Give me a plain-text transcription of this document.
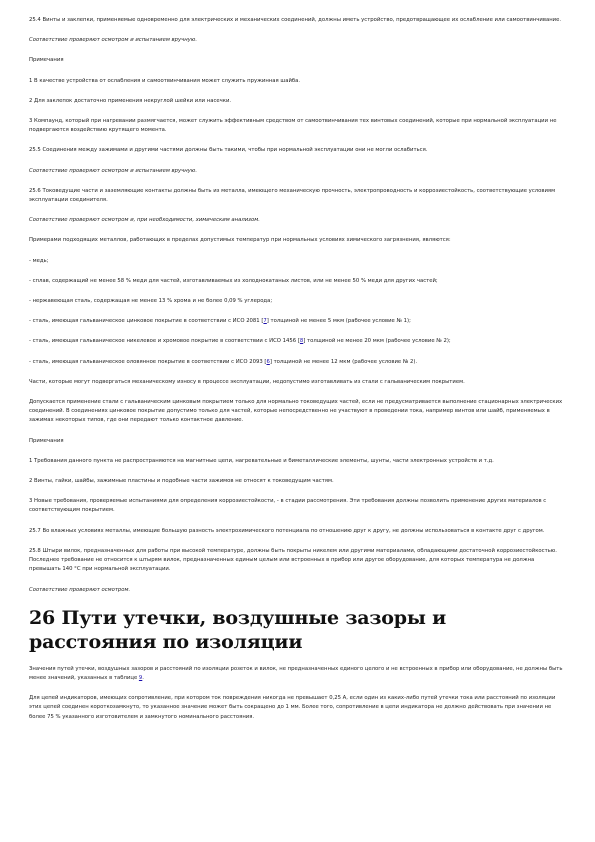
25.4 Винты и заклепки, применяемые одновременно для электрических и механических соединений, должны иметь устройство, предотвращающее их ослабление или самоотвинчивание.

Соответствие проверяют осмотром и испытанием вручную.

Примечания

1 В качестве устройства от ослабления и самоотвинчивания может служить пружинная шайба.

2 Для заклепок достаточно применения некруглой шейки или насечки.

3 Компаунд, который при нагревании размягчается, может служить эффективным средством от самоотвинчивания тех винтовых соединений, которые при нормальной эксплуатации не подвергаются воздействию крутящего момента.

25.5 Соединения между зажимами и другими частями должны быть такими, чтобы при нормальной эксплуатации они не могли ослабиться.

Соответствие проверяют осмотром и испытанием вручную.

25.6 Токоведущие части и заземляющие контакты должны быть из металла, имеющего механическую прочность, электропроводность и коррозиестойкость, соответствующие условиям эксплуатации соединителя.

Соответствие проверяют осмотром и, при необходимости, химическим анализом.

Примерами подходящих металлов, работающих в пределах допустимых температур при нормальных условиях химического загрязнения, являются:

- медь;

- сплав, содержащий не менее 58 % меди для частей, изготавливаемых из холоднокатаных листов, или не менее 50 % меди для других частей;

- нержавеющая сталь, содержащая не менее 13 % хрома и не более 0,09 % углерода;

- сталь, имеющая гальваническое цинковое покрытие в соответствии с ИСО 2081 [7] толщиной не менее 5 мкм (рабочее условие № 1);

- сталь, имеющая гальваническое никелевое и хромовое покрытие в соответствии с ИСО 1456 [8] толщиной не менее 20 мкм (рабочее условие № 2);

- сталь, имеющая гальваническое оловянное покрытие в соответствии с ИСО 2093 [6] толщиной не менее 12 мкм (рабочее условие № 2).

Части, которые могут подвергаться механическому износу в процессе эксплуатации, недопустимо изготавливать из стали с гальваническим покрытием.

Допускается применение стали с гальваническим цинковым покрытием только для нормально токоведущих частей, если не предусматривается выполнение стационарных электрических соединений. В соединениях цинковое покрытие допустимо только для частей, которые непосредственно не участвуют в проведении тока, например винтов или шайб, применяемых в зажимах некоторых типов, где они передают только контактное давление.

Примечания

1 Требования данного пункта не распространяются на магнитные цепи, нагревательные и биметаллические элементы, шунты, части электронных устройств и т.д.

2 Винты, гайки, шайбы, зажимные пластины и подобные части зажимов не относят к токоведущим частям.

3 Новые требования, проверяемые испытаниями для определения коррозиестойкости, - в стадии рассмотрения. Эти требования должны позволить применение других материалов с соответствующим покрытием.

25.7 Во влажных условиях металлы, имеющие большую разность электрохимического потенциала по отношению друг к другу, не должны использоваться в контакте друг с другом.

25.8 Штыри вилок, предназначенных для работы при высокой температуре, должны быть покрыты никелем или другими материалами, обладающими достаточной коррозиестойкостью. Последнее требование не относится к штырям вилок, предназначенных единым целым или встроенных в прибор или другое оборудование, для которых температура не должна превышать 140 °С при нормальной эксплуатации.

Соответствие проверяют осмотром.

26 Пути утечки, воздушные зазоры и расстояния по изоляции

Значения путей утечки, воздушных зазоров и расстояний по изоляции розеток и вилок, не предназначенных единого целого и не встроенных в прибор или оборудование, не должны быть менее значений, указанных в таблице 9.

Для цепей индикаторов, имеющих сопротивление, при котором ток повреждения никогда не превышает 0,25 А, если один из каких-либо путей утечки тока или расстояний по изоляции этих цепей соединен короткозамкнуто, то указанное значение может быть сокращено до 1 мм. Более того, сопротивление в цепи индикатора не должно действовать при значении не более 75 % указанного изготовителем и замкнутого номинального расстояния.
